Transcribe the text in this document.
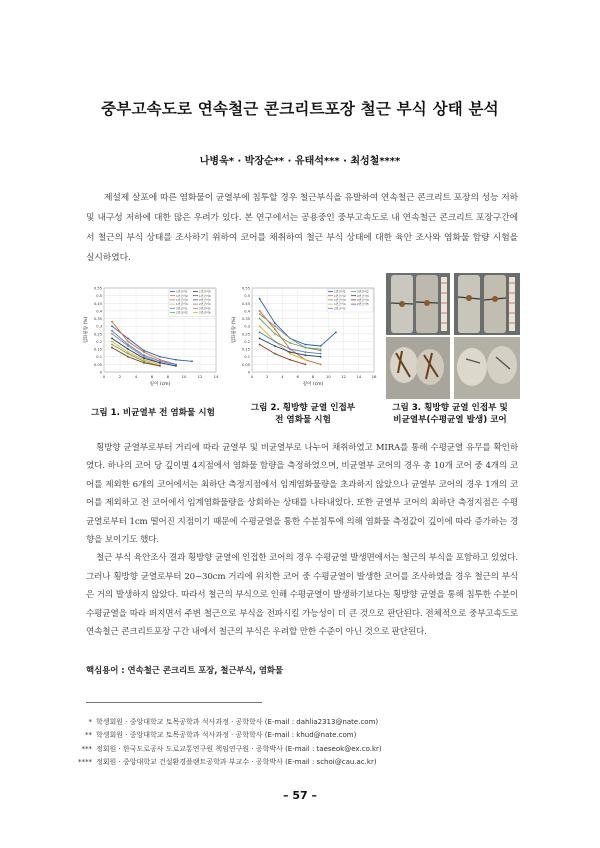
중부고속도로 연속철근 콘크리트포장 철근 부식 상태 분석
나병욱* · 박장순** · 유태석*** · 최성철****
제설제 살포에 따른 염화물이 균열부에 침투할 경우 철근부식을 유발하여 연속철근 콘크리트 포장의 성능 저하 및 내구성 저하에 대한 많은 우려가 있다. 본 연구에서는 공용중인 중부고속도로 내 연속철근 콘크리트 포장구간에서 철근의 부식 상태를 조사하기 위하여 코어를 채취하여 철근 부식 상태에 대한 육안 조사와 염화물 함량 시험을 실시하였다.
0
0.05
0.1
0.15
0.2
0.25
0.3
0.35
0.4
0.45
0.5
0.55
0	2	4	6	8	10	12	14
깊이 (cm)
염화물량 (%)
1번코어1
1번코어2
1번코어3
1번코어4
2번코어1
2번코어2
1번코어5
1번코어6
2번코어3
2번코어4
2번코어5
2번코어6
0
0.05
0.1
0.15
0.2
0.25
0.3
0.35
0.4
0.45
0.5
0.55
0	2	4	6	8	10	12	14	16
깊이 (cm)
염화물량 (%)
1번코어1
1번코어2
1번코어3
1번코어4
2번코어1
2번코어2
2번코어3
2번코어4
2번코어5
그림 1. 비균열부 전 염화물 시험	그림 2. 횡방향 균열 인접부
전 염화물 시험
그림 3. 횡방향 균열 인접부 및
비균열부(수평균열 발생) 코어

횡방향 균열부로부터 거리에 따라 균열부 및 비균열부로 나누어 채취하였고 MIRA를 통해 수평균열 유무를 확인하였다. 하나의 코어 당 깊이별 4지점에서 염화물 함량을 측정하였으며, 비균열부 코어의 경우 총 10개 코어 중 4개의 코어를 제외한 6개의 코어에서는 최하단 측정지점에서 임계염화물량을 초과하지 않았으나 균열부 코어의 경우 1개의 코어를 제외하고 전 코어에서 임계염화물량을 상회하는 상태를 나타내었다. 또한 균열부 코어의 최하단 측정지점은 수평균열로부터 1cm 떨어진 지점이기 때문에 수평균열을 통한 수분침투에 의해 염화물 측정값이 깊이에 따라 증가하는 경향을 보이기도 했다.

철근 부식 육안조사 결과 횡방향 균열에 인접한 코어의 경우 수평균열 발생면에서는 철근의 부식을 포함하고 있었다. 그러나 횡방향 균열로부터 20~30cm 거리에 위치한 코어 중 수평균열이 발생한 코어를 조사하였을 경우 철근의 부식은 거의 발생하지 않았다. 따라서 철근의 부식으로 인해 수평균열이 발생하기보다는 횡방향 균열을 통해 침투한 수분이 수평균열을 따라 퍼지면서 주변 철근으로 부식을 전파시킬 가능성이 더 큰 것으로 판단된다. 전체적으로 중부고속도로 연속철근 콘크리트포장 구간 내에서 철근의 부식은 우려할 만한 수준이 아닌 것으로 판단된다.

핵심용어 : 연속철근 콘크리트 포장, 철근부식, 염화물
* 학생회원 · 중앙대학교 토목공학과 석사과정 · 공학학사 (E-mail : dahlia2313@nate.com)
** 학생회원 · 중앙대학교 토목공학과 석사과정 · 공학학사 (E-mail : khud@nate.com)
*** 정회원 · 한국도로공사 도로교통연구원 책임연구원 · 공학박사 (E-mail : taeseok@ex.co.kr)
**** 정회원 · 중앙대학교 건설환경플랜트공학과 부교수 · 공학박사 (E-mail : schoi@cau.ac.kr)
– 57 –
